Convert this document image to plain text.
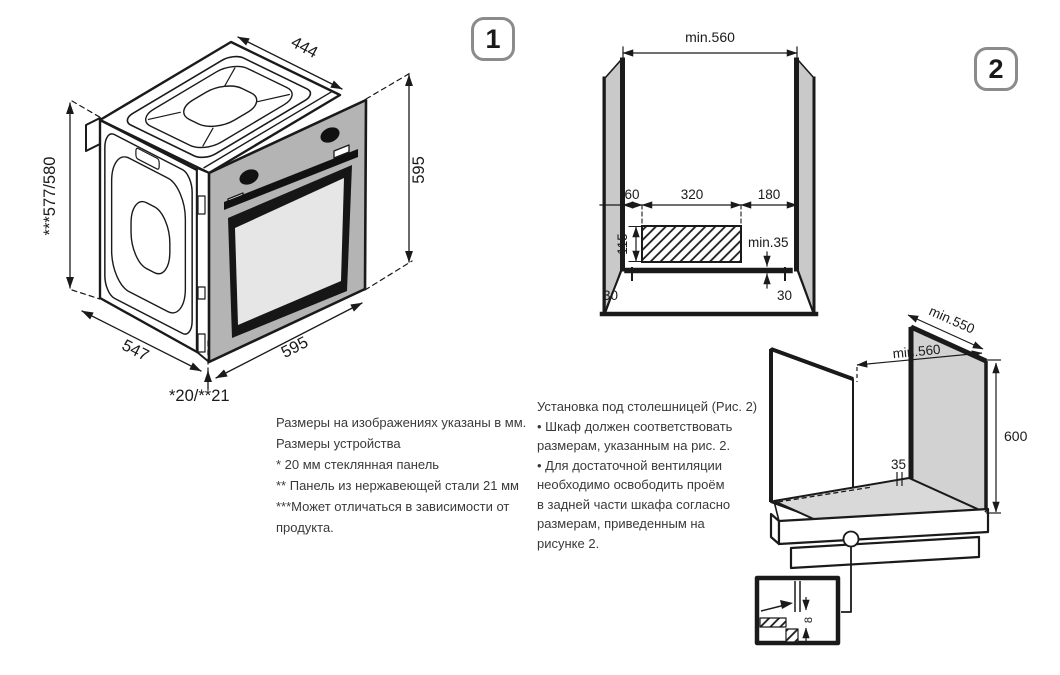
444
595
***577/580
547	595
*20/**21
min.560
60	320	180
115	min.35
30	30
min.550
min.560
600
35
8
1
2
Размеры на изображениях указаны в мм.
Размеры устройства
* 20 мм стеклянная панель
** Панель из нержавеющей стали 21 мм
***Может отличаться в зависимости от
продукта.
Установка под столешницей (Рис. 2)
• Шкаф должен соответствовать
размерам, указанным на рис. 2.
• Для достаточной вентиляции
необходимо освободить проём
в задней части шкафа согласно
размерам, приведенным на
рисунке 2.
